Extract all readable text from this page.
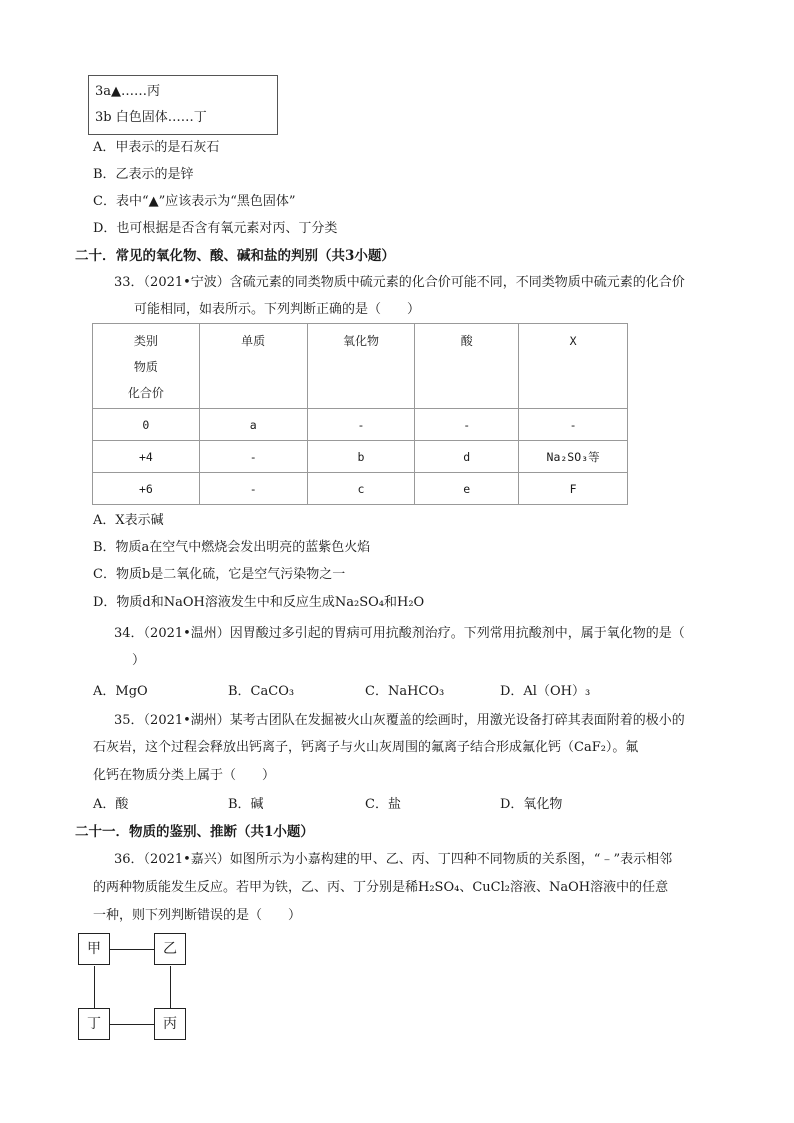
3a▲……丙
3b 白色固体……丁
A．甲表示的是石灰石
B．乙表示的是锌
C．表中“▲”应该表示为“黑色固体”
D．也可根据是否含有氧元素对丙、丁分类
二十．常见的氧化物、酸、碱和盐的判别（共3小题）
33．（2021•宁波）含硫元素的同类物质中硫元素的化合价可能不同，不同类物质中硫元素的化合价
可能相同，如表所示。下列判断正确的是（　　）
类别
物质
化合价	单质	氧化物	酸	X
0	a	-	-	-
+4	-	b	d	Na₂SO₃等
+6	-	c	e	F
A．X表示碱
B．物质a在空气中燃烧会发出明亮的蓝紫色火焰
C．物质b是二氧化硫，它是空气污染物之一
D．物质d和NaOH溶液发生中和反应生成Na₂SO₄和H₂O
34．（2021•温州）因胃酸过多引起的胃病可用抗酸剂治疗。下列常用抗酸剂中，属于氧化物的是（
）
A．MgO	B．CaCO₃	C．NaHCO₃	D．Al（OH）₃
35．（2021•湖州）某考古团队在发掘被火山灰覆盖的绘画时，用激光设备打碎其表面附着的极小的
石灰岩，这个过程会释放出钙离子，钙离子与火山灰周围的氟离子结合形成氟化钙（CaF₂）。氟
化钙在物质分类上属于（　　）
A．酸	B．碱	C．盐	D．氧化物
二十一．物质的鉴别、推断（共1小题）
36．（2021•嘉兴）如图所示为小嘉构建的甲、乙、丙、丁四种不同物质的关系图，“﹣”表示相邻
的两种物质能发生反应。若甲为铁，乙、丙、丁分别是稀H₂SO₄、CuCl₂溶液、NaOH溶液中的任意
一种，则下列判断错误的是（　　）
甲	乙
丁	丙
